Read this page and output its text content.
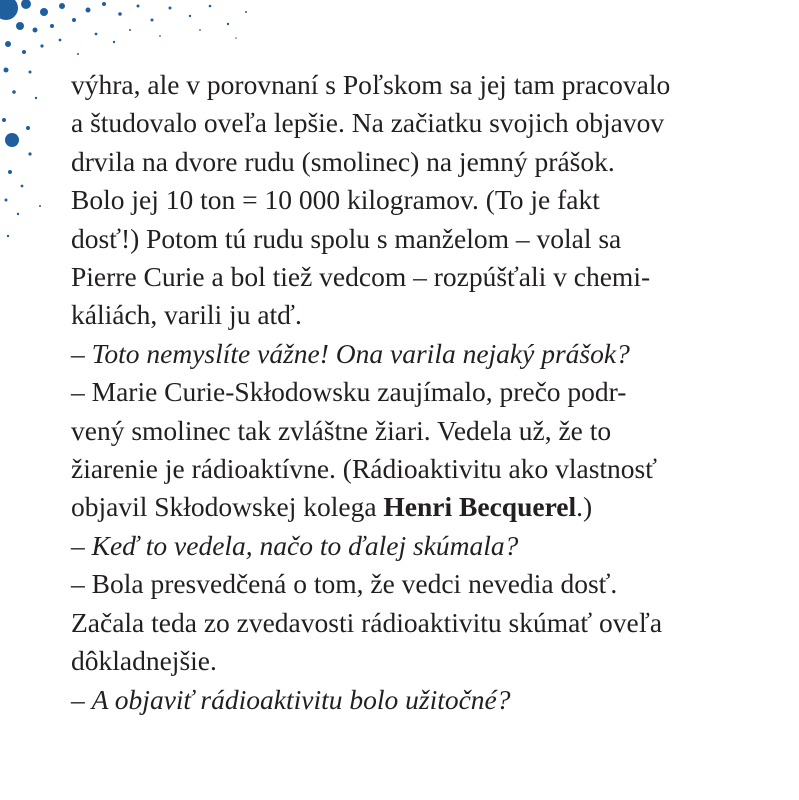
výhra, ale v porovnaní s Poľskom sa jej tam pracovalo
a študovalo oveľa lepšie. Na začiatku svojich objavov
drvila na dvore rudu (smolinec) na jemný prášok.
Bolo jej 10 ton = 10 000 kilogramov. (To je fakt
dosť!) Potom tú rudu spolu s manželom – volal sa
Pierre Curie a bol tiež vedcom – rozpúšťali v chemi-
káliách, varili ju atď.
– Toto nemyslíte vážne! Ona varila nejaký prášok?
– Marie Curie-Skłodowsku zaujímalo, prečo podr-
vený smolinec tak zvláštne žiari. Vedela už, že to
žiarenie je rádioaktívne. (Rádioaktivitu ako vlastnosť
objavil Skłodowskej kolega Henri Becquerel.)
– Keď to vedela, načo to ďalej skúmala?
– Bola presvedčená o tom, že vedci nevedia dosť.
Začala teda zo zvedavosti rádioaktivitu skúmať oveľa
dôkladnejšie.
– A objaviť rádioaktivitu bolo užitočné?
